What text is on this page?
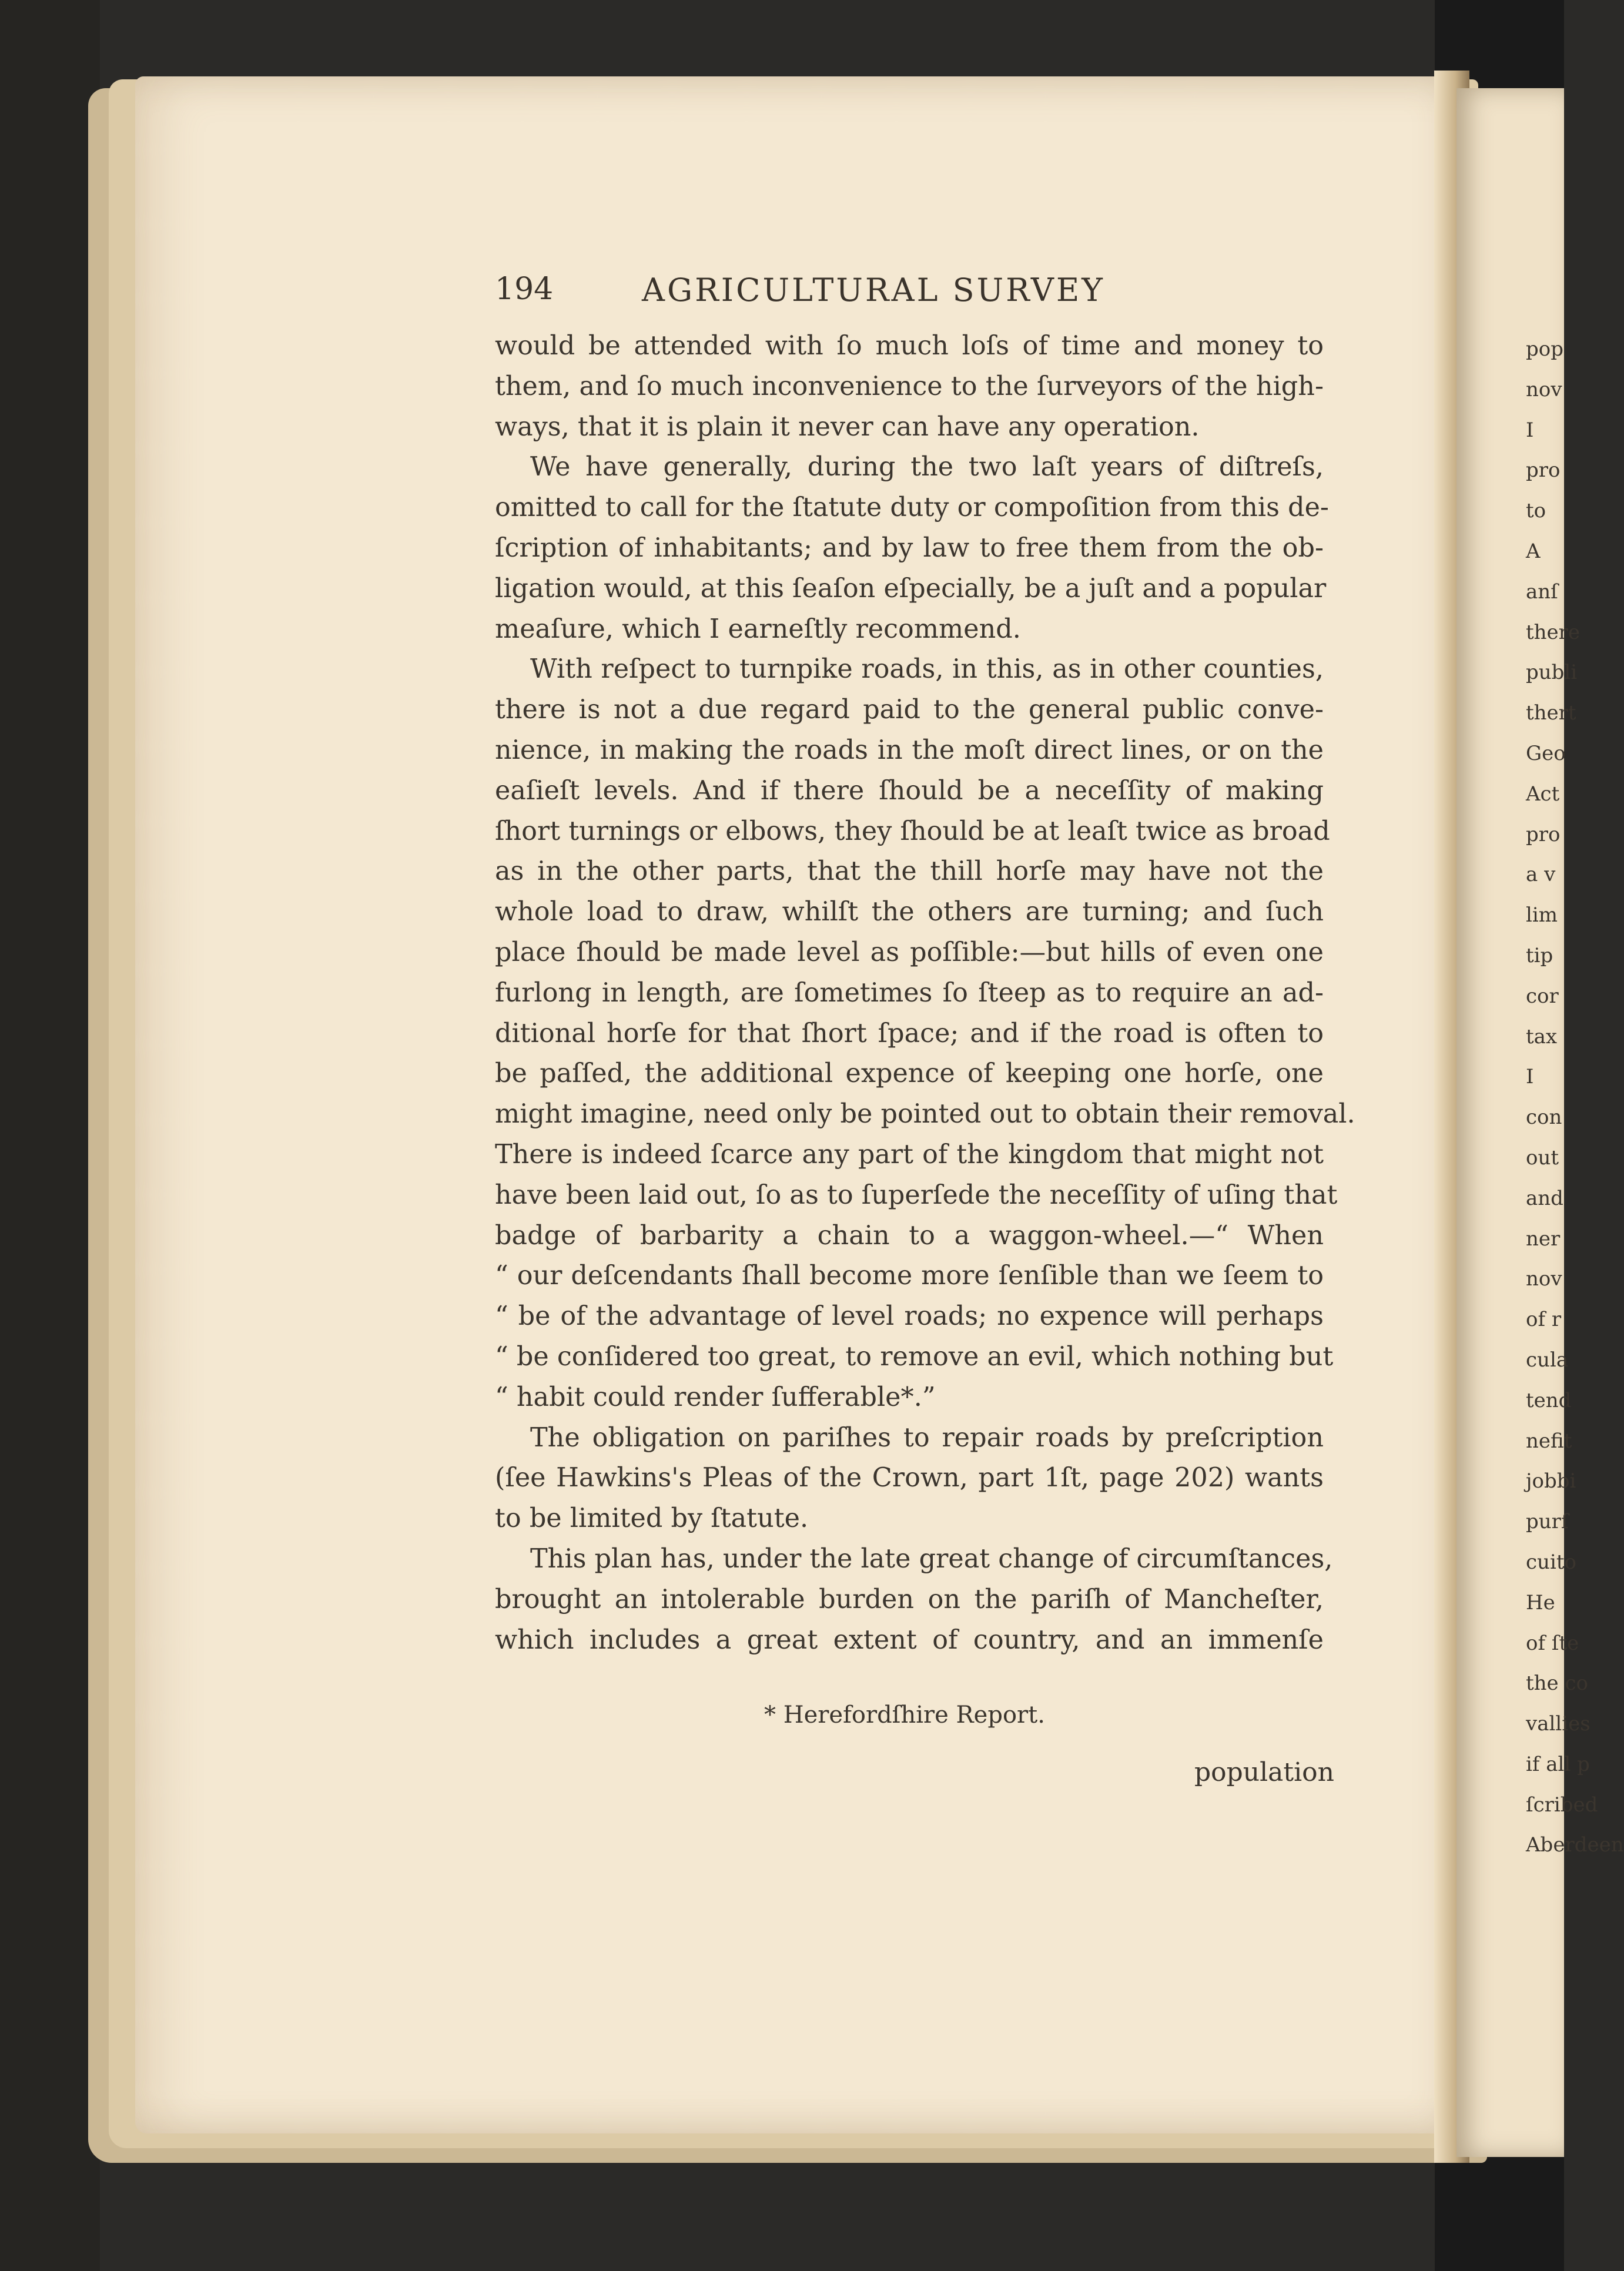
194	AGRICULTURAL SURVEY
would be attended with ſo much loſs of time and money to
them, and ſo much inconvenience to the ſurveyors of the high-
ways, that it is plain it never can have any operation.
We have generally, during the two laſt years of diſtreſs,
omitted to call for the ſtatute duty or compoſition from this de-
ſcription of inhabitants; and by law to free them from the ob-
ligation would, at this ſeaſon eſpecially, be a juſt and a popular
meaſure, which I earneſtly recommend.
With reſpect to turnpike roads, in this, as in other counties,
there is not a due regard paid to the general public conve-
nience, in making the roads in the moſt direct lines, or on the
eaſieſt levels. And if there ſhould be a neceſſity of making
ſhort turnings or elbows, they ſhould be at leaſt twice as broad
as in the other parts, that the thill horſe may have not the
whole load to draw, whilſt the others are turning; and ſuch
place ſhould be made level as poſſible:—but hills of even one
furlong in length, are ſometimes ſo ſteep as to require an ad-
ditional horſe for that ſhort ſpace; and if the road is often to
be paſſed, the additional expence of keeping one horſe, one
might imagine, need only be pointed out to obtain their removal.
There is indeed ſcarce any part of the kingdom that might not
have been laid out, ſo as to ſuperſede the neceſſity of uſing that
badge of barbarity a chain to a waggon-wheel.—“ When
“ our deſcendants ſhall become more ſenſible than we ſeem to
“ be of the advantage of level roads; no expence will perhaps
“ be conſidered too great, to remove an evil, which nothing but
“ habit could render ſufferable*.”
The obligation on pariſhes to repair roads by preſcription
(ſee Hawkins's Pleas of the Crown, part 1ſt, page 202) wants
to be limited by ſtatute.
This plan has, under the late great change of circumſtances,
brought an intolerable burden on the pariſh of Mancheſter,
which includes a great extent of country, and an immenſe
* Herefordſhire Report.
population
pop
nov
I
pro
to
A
anſ
there
publi
thert
Geo
Act
pro
a v
lim
tip
cor
tax
I
con
out
and
ner
nov
of r
cula
tend
nefit
jobbi
purſ
cuito
He
of ſte
the co
vallies
if all p
ſcribed
Aberdeen
